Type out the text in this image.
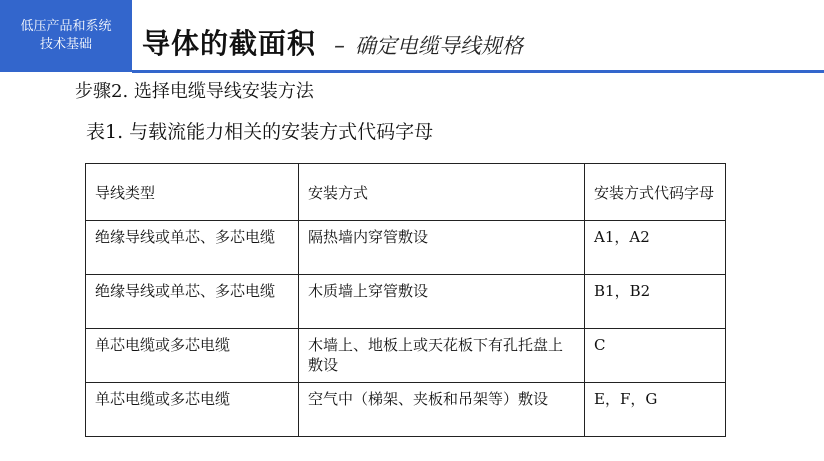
低压产品和系统
技术基础	导体的截面积 – 确定电缆导线规格
步骤2. 选择电缆导线安装方法
表1. 与载流能力相关的安装方式代码字母
导线类型	安装方式	安装方式代码字母
绝缘导线或单芯、多芯电缆	隔热墙内穿管敷设	A1，A2
绝缘导线或单芯、多芯电缆	木质墙上穿管敷设	B1，B2
单芯电缆或多芯电缆	木墙上、地板上或天花板下有孔托盘上敷设	C
单芯电缆或多芯电缆	空气中（梯架、夹板和吊架等）敷设	E，F，G
